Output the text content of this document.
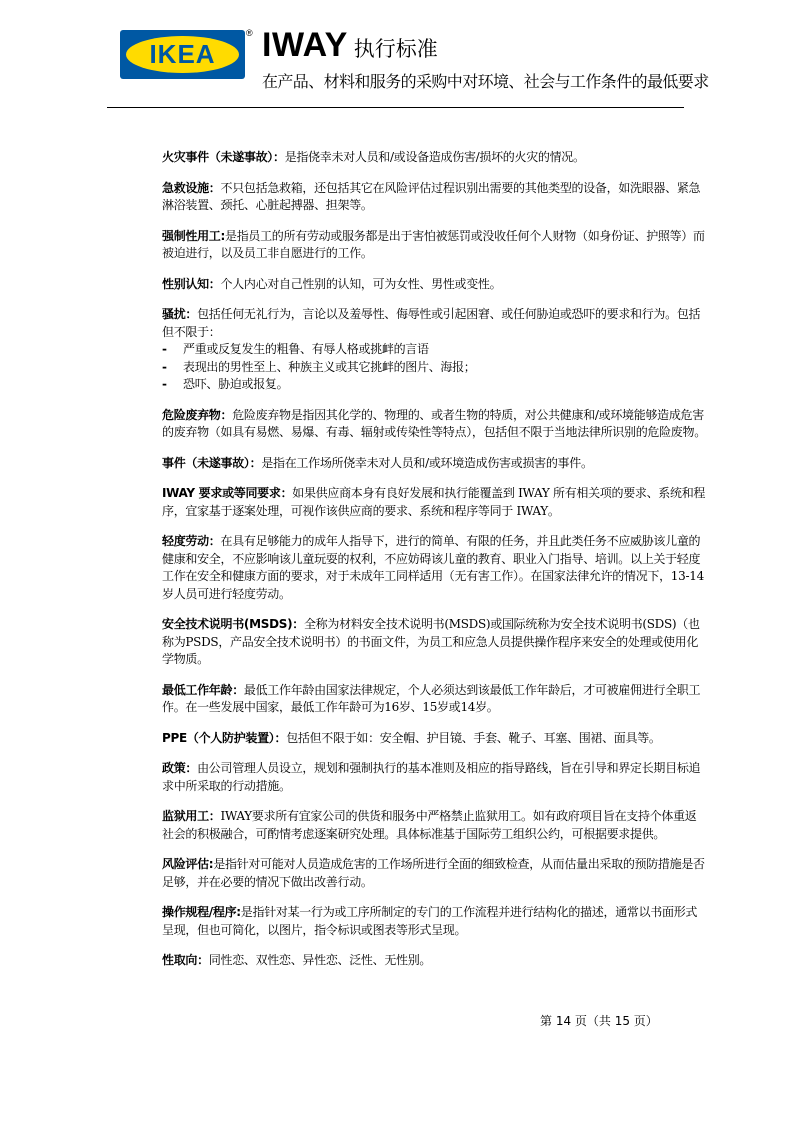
IKEA
® IWAY 执行标准
在产品、材料和服务的采购中对环境、社会与工作条件的最低要求
火灾事件（未遂事故）：是指侥幸未对人员和/或设备造成伤害/损坏的火灾的情况。
急救设施：不只包括急救箱，还包括其它在风险评估过程识别出需要的其他类型的设备，如洗眼器、紧急淋浴装置、颈托、心脏起搏器、担架等。
强制性用工:是指员工的所有劳动或服务都是出于害怕被惩罚或没收任何个人财物（如身份证、护照等）而被迫进行，以及员工非自愿进行的工作。
性别认知：个人内心对自己性别的认知，可为女性、男性或变性。
骚扰：包括任何无礼行为，言论以及羞辱性、侮辱性或引起困窘、或任何胁迫或恐吓的要求和行为。包括但不限于：
-	严重或反复发生的粗鲁、有辱人格或挑衅的言语
-	表现出的男性至上、种族主义或其它挑衅的图片、海报；
-	恐吓、胁迫或报复。
危险废弃物：危险废弃物是指因其化学的、物理的、或者生物的特质，对公共健康和/或环境能够造成危害的废弃物（如具有易燃、易爆、有毒、辐射或传染性等特点），包括但不限于当地法律所识别的危险废物。
事件（未遂事故）：是指在工作场所侥幸未对人员和/或环境造成伤害或损害的事件。
IWAY 要求或等同要求：如果供应商本身有良好发展和执行能覆盖到 IWAY 所有相关项的要求、系统和程序，宜家基于逐案处理，可视作该供应商的要求、系统和程序等同于 IWAY。
轻度劳动：在具有足够能力的成年人指导下，进行的简单、有限的任务，并且此类任务不应威胁该儿童的健康和安全，不应影响该儿童玩耍的权利，不应妨碍该儿童的教育、职业入门指导、培训。以上关于轻度工作在安全和健康方面的要求，对于未成年工同样适用（无有害工作）。在国家法律允许的情况下，13-14 岁人员可进行轻度劳动。
安全技术说明书(MSDS)：全称为材料安全技术说明书(MSDS)或国际统称为安全技术说明书(SDS)（也称为PSDS，产品安全技术说明书）的书面文件，为员工和应急人员提供操作程序来安全的处理或使用化学物质。
最低工作年龄：最低工作年龄由国家法律规定，个人必须达到该最低工作年龄后，才可被雇佣进行全职工作。在一些发展中国家，最低工作年龄可为16岁、15岁或14岁。
PPE（个人防护装置）：包括但不限于如：安全帽、护目镜、手套、靴子、耳塞、围裙、面具等。
政策：由公司管理人员设立，规划和强制执行的基本准则及相应的指导路线，旨在引导和界定长期目标追求中所采取的行动措施。
监狱用工：IWAY要求所有宜家公司的供货和服务中严格禁止监狱用工。如有政府项目旨在支持个体重返社会的积极融合，可酌情考虑逐案研究处理。具体标准基于国际劳工组织公约，可根据要求提供。
风险评估:是指针对可能对人员造成危害的工作场所进行全面的细致检查，从而估量出采取的预防措施是否足够，并在必要的情况下做出改善行动。
操作规程/程序:是指针对某一行为或工序所制定的专门的工作流程并进行结构化的描述，通常以书面形式呈现，但也可简化，以图片，指令标识或图表等形式呈现。
性取向：同性恋、双性恋、异性恋、泛性、无性别。
第 14 页（共 15 页）
